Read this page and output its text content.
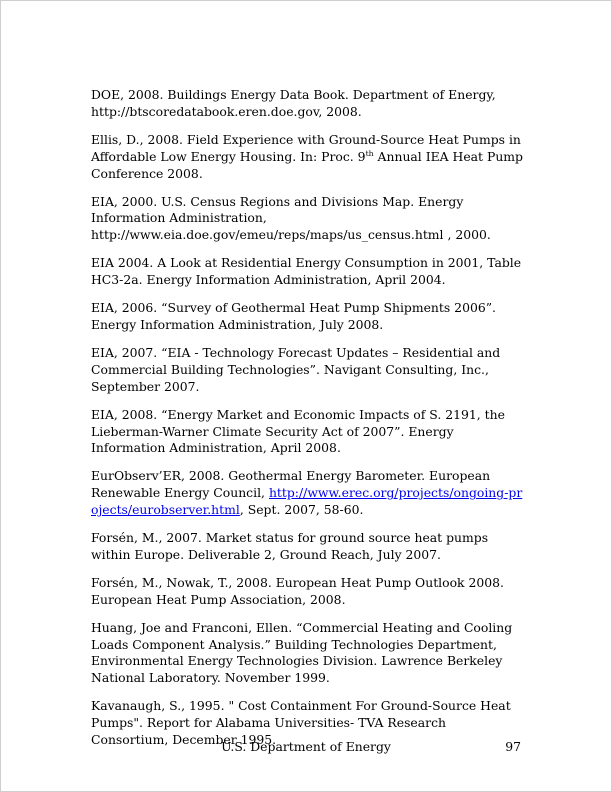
DOE, 2008. Buildings Energy Data Book. Department of Energy, http://btscoredatabook.eren.doe.gov, 2008.

Ellis, D., 2008. Field Experience with Ground-Source Heat Pumps in Affordable Low Energy Housing. In: Proc. 9th Annual IEA Heat Pump Conference 2008.

EIA, 2000. U.S. Census Regions and Divisions Map. Energy Information Administration, http://www.eia.doe.gov/emeu/reps/maps/us_census.html , 2000.

EIA 2004. A Look at Residential Energy Consumption in 2001, Table HC3-2a. Energy Information Administration, April 2004.

EIA, 2006. “Survey of Geothermal Heat Pump Shipments 2006”. Energy Information Administration, July 2008.

EIA, 2007. “EIA - Technology Forecast Updates – Residential and Commercial Building Technologies”. Navigant Consulting, Inc., September 2007.

EIA, 2008. “Energy Market and Economic Impacts of S. 2191, the Lieberman-Warner Climate Security Act of 2007”. Energy Information Administration, April 2008.

EurObserv’ER, 2008. Geothermal Energy Barometer. European Renewable Energy Council, http://www.erec.org/projects/ongoing-projects/eurobserver.html, Sept. 2007, 58-60.

Forsén, M., 2007. Market status for ground source heat pumps within Europe. Deliverable 2, Ground Reach, July 2007.

Forsén, M., Nowak, T., 2008. European Heat Pump Outlook 2008. European Heat Pump Association, 2008.

Huang, Joe and Franconi, Ellen. “Commercial Heating and Cooling Loads Component Analysis.” Building Technologies Department, Environmental Energy Technologies Division. Lawrence Berkeley National Laboratory. November 1999.

Kavanaugh, S., 1995. " Cost Containment For Ground-Source Heat Pumps". Report for Alabama Universities- TVA Research Consortium, December 1995.

U.S. Department of Energy	97
